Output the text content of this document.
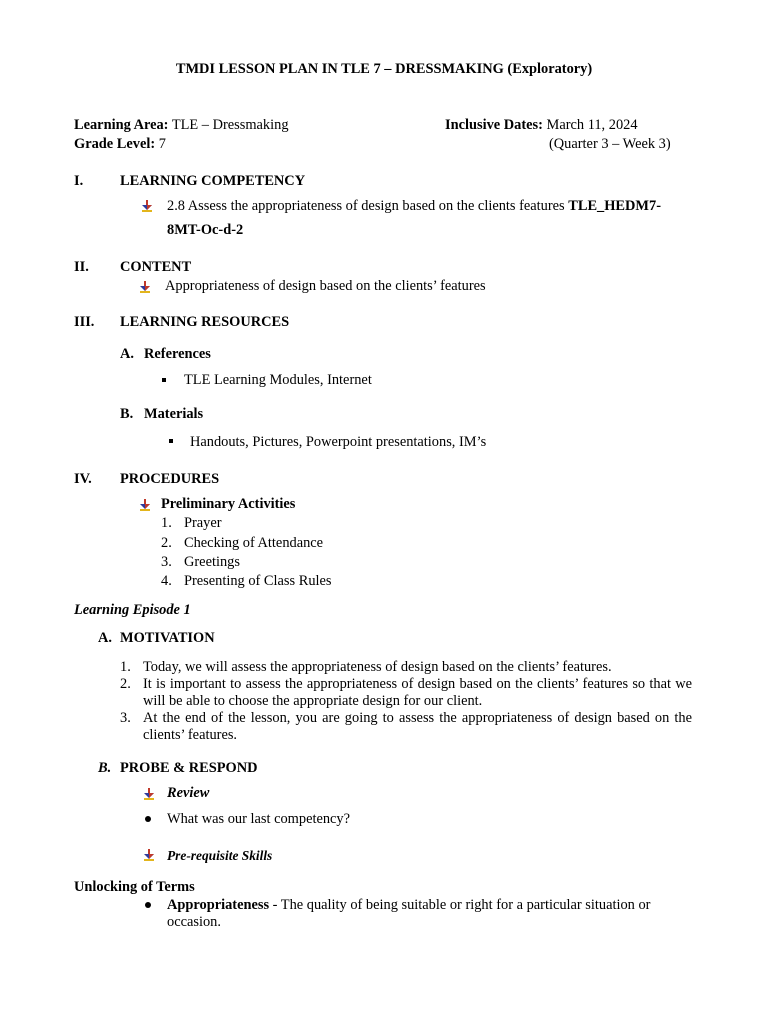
TMDI LESSON PLAN IN TLE 7 – DRESSMAKING (Exploratory)
Learning Area: TLE – Dressmaking	Inclusive Dates: March 11, 2024
Grade Level: 7	(Quarter 3 – Week 3)
I.	LEARNING COMPETENCY
2.8 Assess the appropriateness of design based on the clients features TLE_HEDM7-
8MT-Oc-d-2
II. CONTENT
Appropriateness of design based on the clients’ features
III. LEARNING RESOURCES
A. References
TLE Learning Modules, Internet
B. Materials
Handouts, Pictures, Powerpoint presentations, IM’s
IV. PROCEDURES
Preliminary Activities
1. Prayer
2. Checking of Attendance
3. Greetings
4. Presenting of Class Rules
Learning Episode 1
A. MOTIVATION
1. Today, we will assess the appropriateness of design based on the clients’ features.
2. It is important to assess the appropriateness of design based on the clients’ features so that we will be able to choose the appropriate design for our client.
3. At the end of the lesson, you are going to assess the appropriateness of design based on the clients’ features.
B. PROBE & RESPOND
Review
What was our last competency?
Pre-requisite Skills
Unlocking of Terms
Appropriateness - The quality of being suitable or right for a particular situation or
occasion.
